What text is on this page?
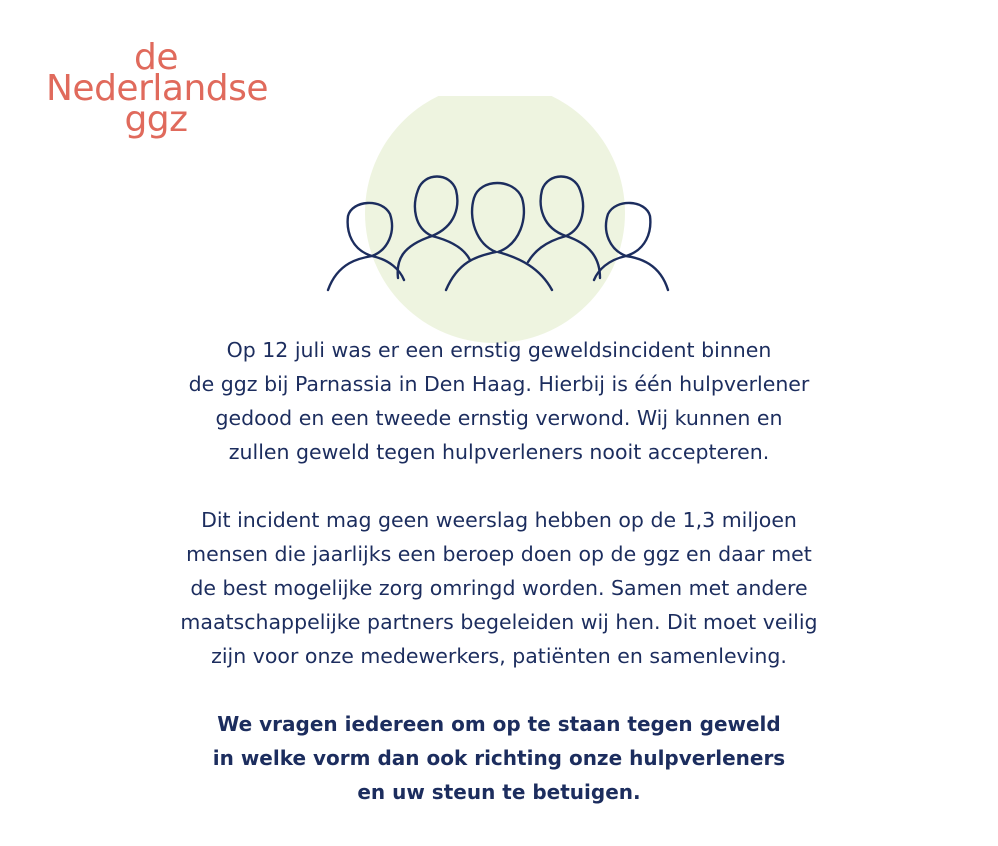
de
Nederlandse
ggz

Op 12 juli was er een ernstig geweldsincident binnen

de ggz bij Parnassia in Den Haag. Hierbij is één hulpverlener

gedood en een tweede ernstig verwond. Wij kunnen en

zullen geweld tegen hulpverleners nooit accepteren.

Dit incident mag geen weerslag hebben op de 1,3 miljoen

mensen die jaarlijks een beroep doen op de ggz en daar met

de best mogelijke zorg omringd worden. Samen met andere

maatschappelijke partners begeleiden wij hen. Dit moet veilig

zijn voor onze medewerkers, patiënten en samenleving.

We vragen iedereen om op te staan tegen geweld

in welke vorm dan ook richting onze hulpverleners

en uw steun te betuigen.
